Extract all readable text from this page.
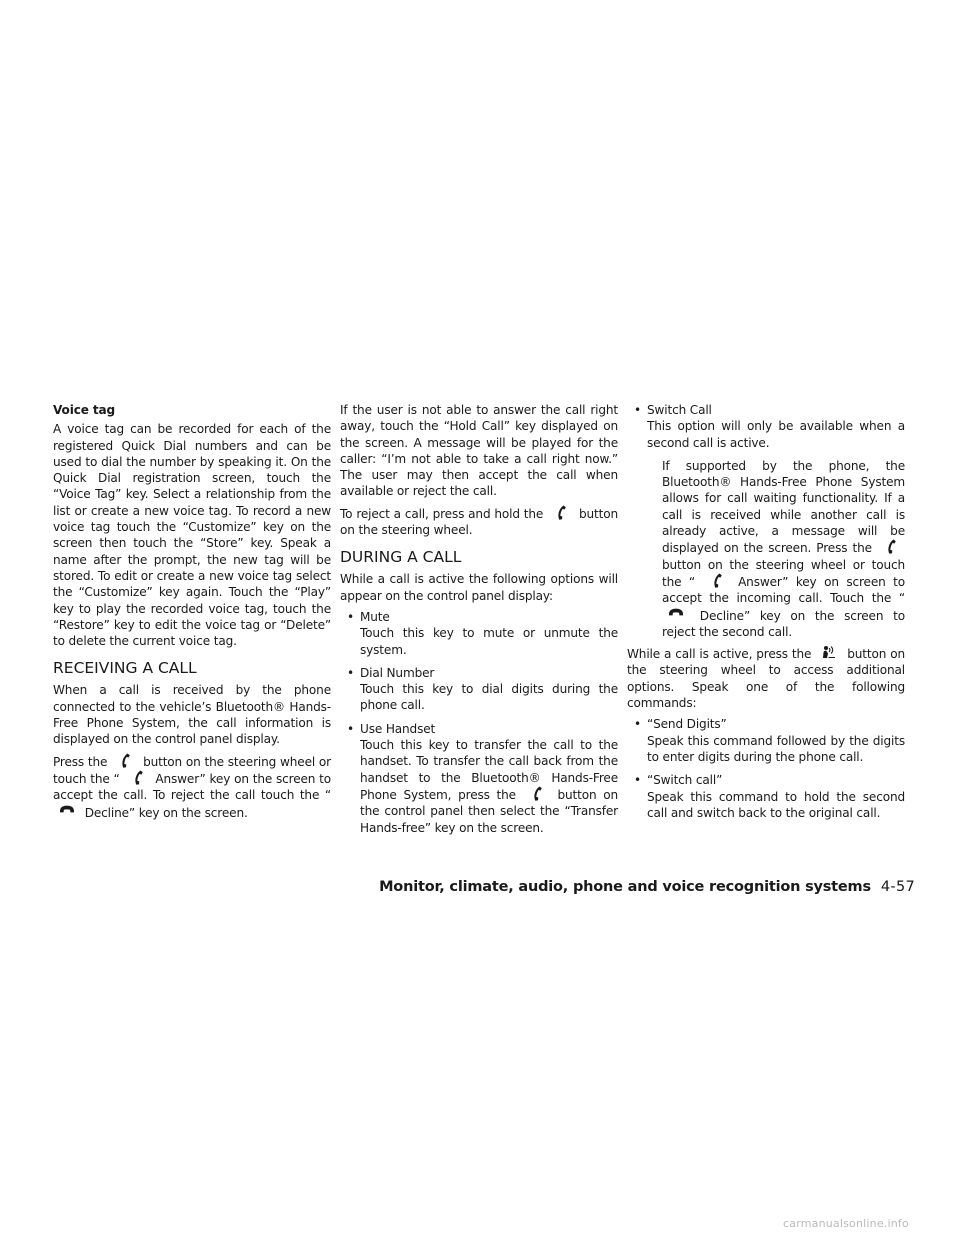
Voice tag

A voice tag can be recorded for each of the registered Quick Dial numbers and can be used to dial the number by speaking it. On the Quick Dial registration screen, touch the “Voice Tag” key. Select a relationship from the list or create a new voice tag. To record a new voice tag touch the “Customize” key on the screen then touch the “Store” key. Speak a name after the prompt, the new tag will be stored. To edit or create a new voice tag select the “Customize” key again. Touch the “Play” key to play the recorded voice tag, touch the “Restore” key to edit the voice tag or “Delete” to delete the current voice tag.

RECEIVING A CALL

When a call is received by the phone connected to the vehicle’s Bluetooth® Hands-Free Phone System, the call information is displayed on the control panel display.

Press the	button on the steering wheel or touch the “	Answer” key on the screen to accept the call. To reject the call touch the “
Decline” key on the screen.

If the user is not able to answer the call right away, touch the “Hold Call” key displayed on the screen. A message will be played for the caller: “I’m not able to take a call right now.” The user may then accept the call when available or reject the call.

To reject a call, press and hold the	button on the steering wheel.

DURING A CALL

While a call is active the following options will appear on the control panel display:

• Mute
Touch this key to mute or unmute the system.
• Dial Number
Touch this key to dial digits during the phone call.
• Use Handset
Touch this key to transfer the call to the handset. To transfer the call back from the handset to the Bluetooth® Hands-Free Phone System, press the	button on the control panel then select the “Transfer Hands-free” key on the screen.
• Switch Call
This option will only be available when a second call is active.

If supported by the phone, the Bluetooth® Hands-Free Phone System allows for call waiting functionality. If a call is received while another call is already active, a message will be displayed on the screen. Press the
button on the steering wheel or touch the “	Answer” key on screen to accept the incoming call. Touch the “
Decline” key on the screen to reject the second call.

While a call is active, press the	button on the steering wheel to access additional options. Speak one of the following commands:

• “Send Digits”
Speak this command followed by the digits to enter digits during the phone call.
• “Switch call”
Speak this command to hold the second call and switch back to the original call.
Monitor, climate, audio, phone and voice recognition systems 4-57
carmanualsonline.info
